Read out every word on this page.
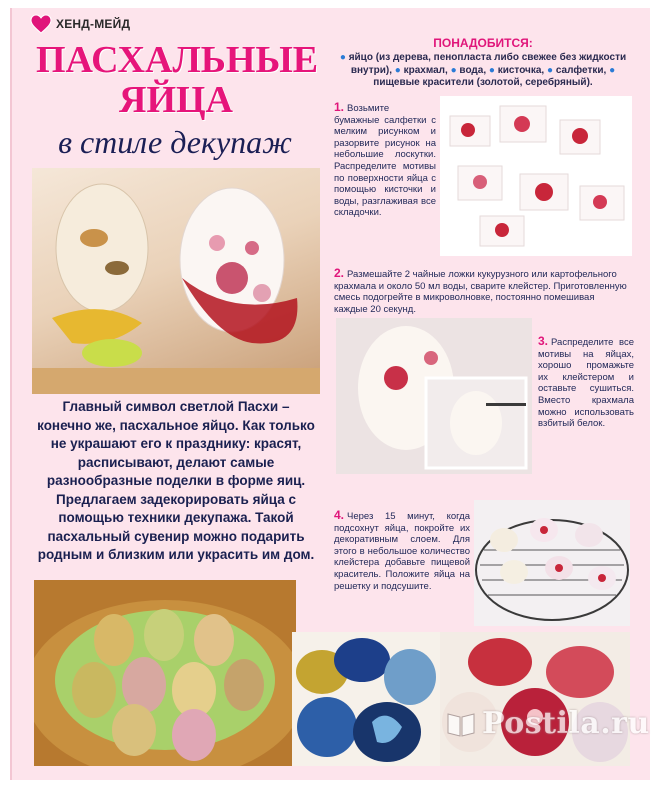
ХЕНД-МЕЙД
ПАСХАЛЬНЫЕ
ЯЙЦА
в стиле декупаж

Главный символ светлой Пасхи – конечно же, пасхальное яйцо. Как только не украшают его к празднику: красят, расписывают, делают самые разнообразные поделки в форме яиц. Предлагаем задекорировать яйца с помощью техники декупажа. Такой пасхальный сувенир можно подарить родным и близким или украсить им дом.

ПОНАДОБИТСЯ:
● яйцо (из дерева, пенопласта либо свежее без жидкости внутри), ● крахмал, ● вода, ● кисточка, ● салфетки, ● пищевые красители (золотой, серебряный).
1. Возьмите бумажные салфетки с мелким рисунком и разорвите рисунок на небольшие лоскутки. Распределите мотивы по поверхности яйца с помощью кисточки и воды, разглаживая все складочки.
2. Размешайте 2 чайные ложки кукурузного или картофельного крахмала и около 50 мл воды, сварите клейстер. Приготовленную смесь подогрейте в микроволновке, постоянно помешивая каждые 20 секунд.
3. Распределите все мотивы на яйцах, хорошо промажьте их клейстером и оставьте сушиться. Вместо крахмала можно использовать взбитый белок.
4. Через 15 минут, когда подсохнут яйца, покройте их декоративным слоем. Для этого в небольшое количество клейстера добавьте пищевой краситель. Положите яйца на решетку и подсушите.
Postila.ru
